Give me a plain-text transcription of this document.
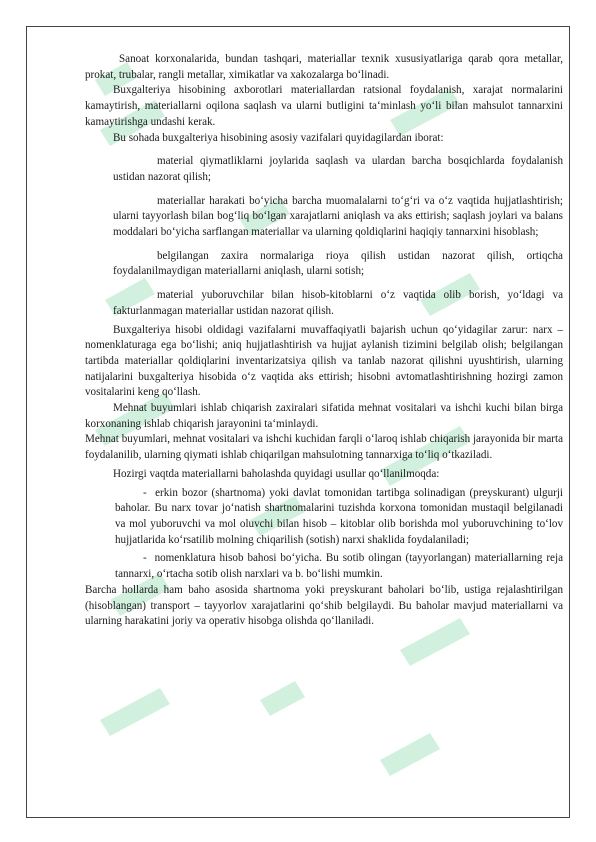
Sanoat korxonalarida, bundan tashqari, materiallar texnik xususiyatlariga qarab qora metallar, prokat, trubalar, rangli metallar, ximikatlar va xakozalarga bo‘linadi.

Buxgalteriya hisobining axborotlari materiallardan ratsional foydalanish, xarajat normalarini kamaytirish, materiallarni oqilona saqlash va ularni butligini ta‘minlash yo‘li bilan mahsulot tannarxini kamaytirishga undashi kerak.

Bu sohada buxgalteriya hisobining asosiy vazifalari quyidagilardan iborat:

material qiymatliklarni joylarida saqlash va ulardan barcha bosqichlarda foydalanish ustidan nazorat qilish;

materiallar harakati bo‘yicha barcha muomalalarni to‘g‘ri va o‘z vaqtida hujjatlashtirish; ularni tayyorlash bilan bog‘liq bo‘lgan xarajatlarni aniqlash va aks ettirish; saqlash joylari va balans moddalari bo‘yicha sarflangan materiallar va ularning qoldiqlarini haqiqiy tannarxini hisoblash;

belgilangan zaxira normalariga rioya qilish ustidan nazorat qilish, ortiqcha foydalanilmaydigan materiallarni aniqlash, ularni sotish;

material yuboruvchilar bilan hisob-kitoblarni o‘z vaqtida olib borish, yo‘ldagi va fakturlanmagan materiallar ustidan nazorat qilish.

Buxgalteriya hisobi oldidagi vazifalarni muvaffaqiyatli bajarish uchun qo‘yidagilar zarur: narx – nomenklaturaga ega bo‘lishi; aniq hujjatlashtirish va hujjat aylanish tizimini belgilab olish; belgilangan tartibda materiallar qoldiqlarini inventarizatsiya qilish va tanlab nazorat qilishni uyushtirish, ularning natijalarini buxgalteriya hisobida o‘z vaqtida aks ettirish; hisobni avtomatlashtirishning hozirgi zamon vositalarini keng qo‘llash.

Mehnat buyumlari ishlab chiqarish zaxiralari sifatida mehnat vositalari va ishchi kuchi bilan birga korxonaning ishlab chiqarish jarayonini ta‘minlaydi.

Mehnat buyumlari, mehnat vositalari va ishchi kuchidan farqli o‘laroq ishlab chiqarish jarayonida bir marta foydalanilib, ularning qiymati ishlab chiqarilgan mahsulotning tannarxiga to‘liq o‘tkaziladi.

Hozirgi vaqtda materiallarni baholashda quyidagi usullar qo‘llanilmoqda:

- erkin bozor (shartnoma) yoki davlat tomonidan tartibga solinadigan (preyskurant) ulgurji baholar. Bu narx tovar jo‘natish shartnomalarini tuzishda korxona tomonidan mustaqil belgilanadi va mol yuboruvchi va mol oluvchi bilan hisob – kitoblar olib borishda mol yuboruvchining to‘lov hujjatlarida ko‘rsatilib molning chiqarilish (sotish) narxi shaklida foydalaniladi;

- nomenklatura hisob bahosi bo‘yicha. Bu sotib olingan (tayyorlangan) materiallarning reja tannarxi, o‘rtacha sotib olish narxlari va b. bo‘lishi mumkin.

Barcha hollarda ham baho asosida shartnoma yoki preyskurant baholari bo‘lib, ustiga rejalashtirilgan (hisoblangan) transport – tayyorlov xarajatlarini qo‘shib belgilaydi. Bu baholar mavjud materiallarni va ularning harakatini joriy va operativ hisobga olishda qo‘llaniladi.
